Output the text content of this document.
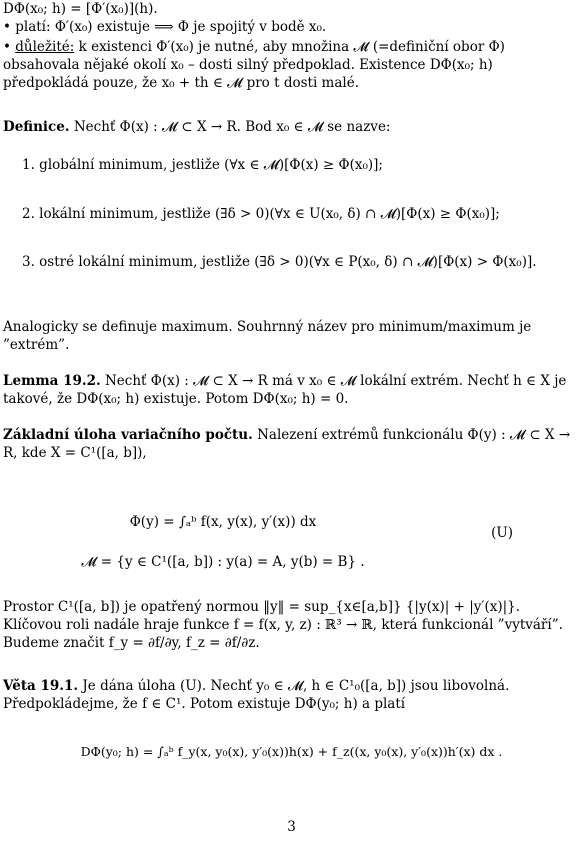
DΦ(x₀; h) = [Φ′(x₀)](h).
• platí: Φ′(x₀) existuje ⟹ Φ je spojitý v bodě x₀.
• důležité: k existenci Φ′(x₀) je nutné, aby množina 𝓜 (=definiční obor Φ) obsahovala nějaké okolí x₀ – dosti silný předpoklad. Existence DΦ(x₀; h) předpokládá pouze, že x₀ + th ∈ 𝓜 pro t dosti malé.
Definice. Nechť Φ(x) : 𝓜 ⊂ X → R. Bod x₀ ∈ 𝓜 se nazve:
1. globální minimum, jestliže (∀x ∈ 𝓜)[Φ(x) ≥ Φ(x₀)];
2. lokální minimum, jestliže (∃δ > 0)(∀x ∈ U(x₀, δ) ∩ 𝓜)[Φ(x) ≥ Φ(x₀)];
3. ostré lokální minimum, jestliže (∃δ > 0)(∀x ∈ P(x₀, δ) ∩ 𝓜)[Φ(x) > Φ(x₀)].
Analogicky se definuje maximum. Souhrnný název pro minimum/maximum je ”extrém”.
Lemma 19.2. Nechť Φ(x) : 𝓜 ⊂ X → R má v x₀ ∈ 𝓜 lokální extrém. Nechť h ∈ X je takové, že DΦ(x₀; h) existuje. Potom DΦ(x₀; h) = 0.
Základní úloha variačního počtu. Nalezení extrémů funkcionálu Φ(y) : 𝓜 ⊂ X → R, kde X = C¹([a, b]),
Φ(y) = ∫ₐᵇ f(x, y(x), y′(x)) dx
𝓜 = {y ∈ C¹([a, b]) : y(a) = A, y(b) = B} .
(U)
Prostor C¹([a, b]) je opatřený normou ‖y‖ = sup_{x∈[a,b]} {|y(x)| + |y′(x)|}. Klíčovou roli nadále hraje funkce f = f(x, y, z) : ℝ³ → ℝ, která funkcionál ”vytváří”. Budeme značit f_y = ∂f/∂y, f_z = ∂f/∂z.
Věta 19.1. Je dána úloha (U). Nechť y₀ ∈ 𝓜, h ∈ C¹₀([a, b]) jsou libovolná. Předpokládejme, že f ∈ C¹. Potom existuje DΦ(y₀; h) a platí
DΦ(y₀; h) = ∫ₐᵇ f_y(x, y₀(x), y′₀(x))h(x) + f_z((x, y₀(x), y′₀(x))h′(x) dx .
3
